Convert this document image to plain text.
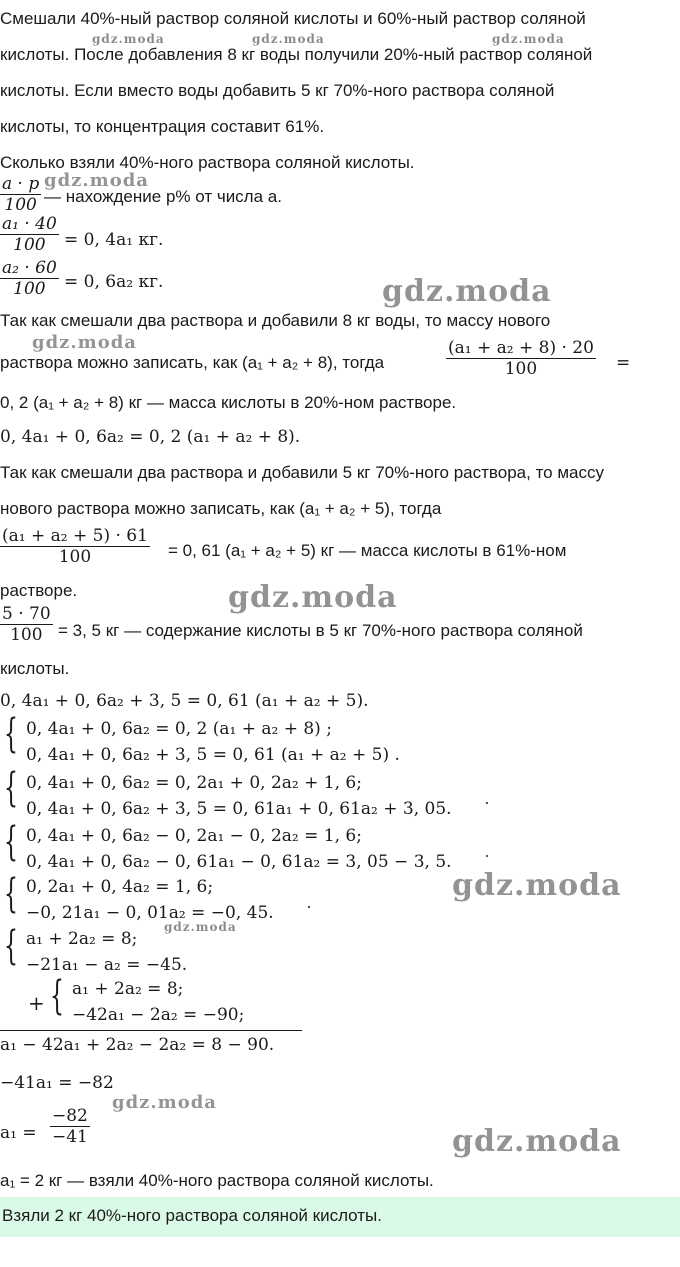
Смешали 40%-ный раствор соляной кислоты и 60%-ный раствор соляной
кислоты. После добавления 8 кг воды получили 20%-ный раствор соляной
кислоты. Если вместо воды добавить 5 кг 70%-ного раствора соляной
кислоты, то концентрация составит 61%.
Сколько взяли 40%-ного раствора соляной кислоты.
$\frac{a \cdot p}{100}$ — нахождение p% от числа a.
$\frac{\text{a₁ · 40}}{100} = 0$, 4a₁ кг.
$\frac{\text{a₂ · 60}}{100} = 0$, 6a₂ кг.
Так как смешали два раствора и добавили 8 кг воды, то массу нового
раствора можно записать, как (a₁ + a₂ + 8), тогда	$\frac{\text{(a₁ + a₂ + 8) · 20}}{100}$ =
0, 2 (a₁ + a₂ + 8) кг — масса кислоты в 20%-ном растворе.
0, 4a₁ + 0, 6a₂ = 0, 2 (a₁ + a₂ + 8).
Так как смешали два раствора и добавили 5 кг 70%-ного раствора, то массу
нового раствора можно записать, как (a₁ + a₂ + 5), тогда
$\frac{\text{(a₁ + a₂ + 5) · 61}}{100} = 0$, 61 (a₁ + a₂ + 5) кг — масса кислоты в 61%-ном
растворе.
$\frac{5 \cdot 70}{100} = 3$, 5 кг — содержание кислоты в 5 кг 70%-ного раствора соляной
кислоты.
0, 4a₁ + 0, 6a₂ + 3, 5 = 0, 61 (a₁ + a₂ + 5).
{ 0, 4a₁ + 0, 6a₂ = 0, 2 (a₁ + a₂ + 8) ;
0, 4a₁ + 0, 6a₂ + 3, 5 = 0, 61 (a₁ + a₂ + 5) .
{ 0, 4a₁ + 0, 6a₂ = 0, 2a₁ + 0, 2a₂ + 1, 6;
0, 4a₁ + 0, 6a₂ + 3, 5 = 0, 61a₁ + 0, 61a₂ + 3, 05.
{ 0, 4a₁ + 0, 6a₂ − 0, 2a₁ − 0, 2a₂ = 1, 6;
0, 4a₁ + 0, 6a₂ − 0, 61a₁ − 0, 61a₂ = 3, 05 − 3, 5.
{ 0, 2a₁ + 0, 4a₂ = 1, 6;
−0, 21a₁ − 0, 01a₂ = −0, 45.
{ a₁ + 2a₂ = 8;
−21a₁ − a₂ = −45.
+ { a₁ + 2a₂ = 8;
−42a₁ − 2a₂ = −90;
a₁ − 42a₁ + 2a₂ − 2a₂ = 8 − 90.
−41a₁ = −82
$a_1 = \frac{-82}{-41}$
a₁ = 2 кг — взяли 40%-ного раствора соляной кислоты.
Взяли 2 кг 40%-ного раствора соляной кислоты.
gdz.moda	gdz.moda	gdz.moda
gdz.moda
gdz.moda
gdz.moda
gdz.moda
gdz.moda
gdz.moda
gdz.moda
gdz.moda
